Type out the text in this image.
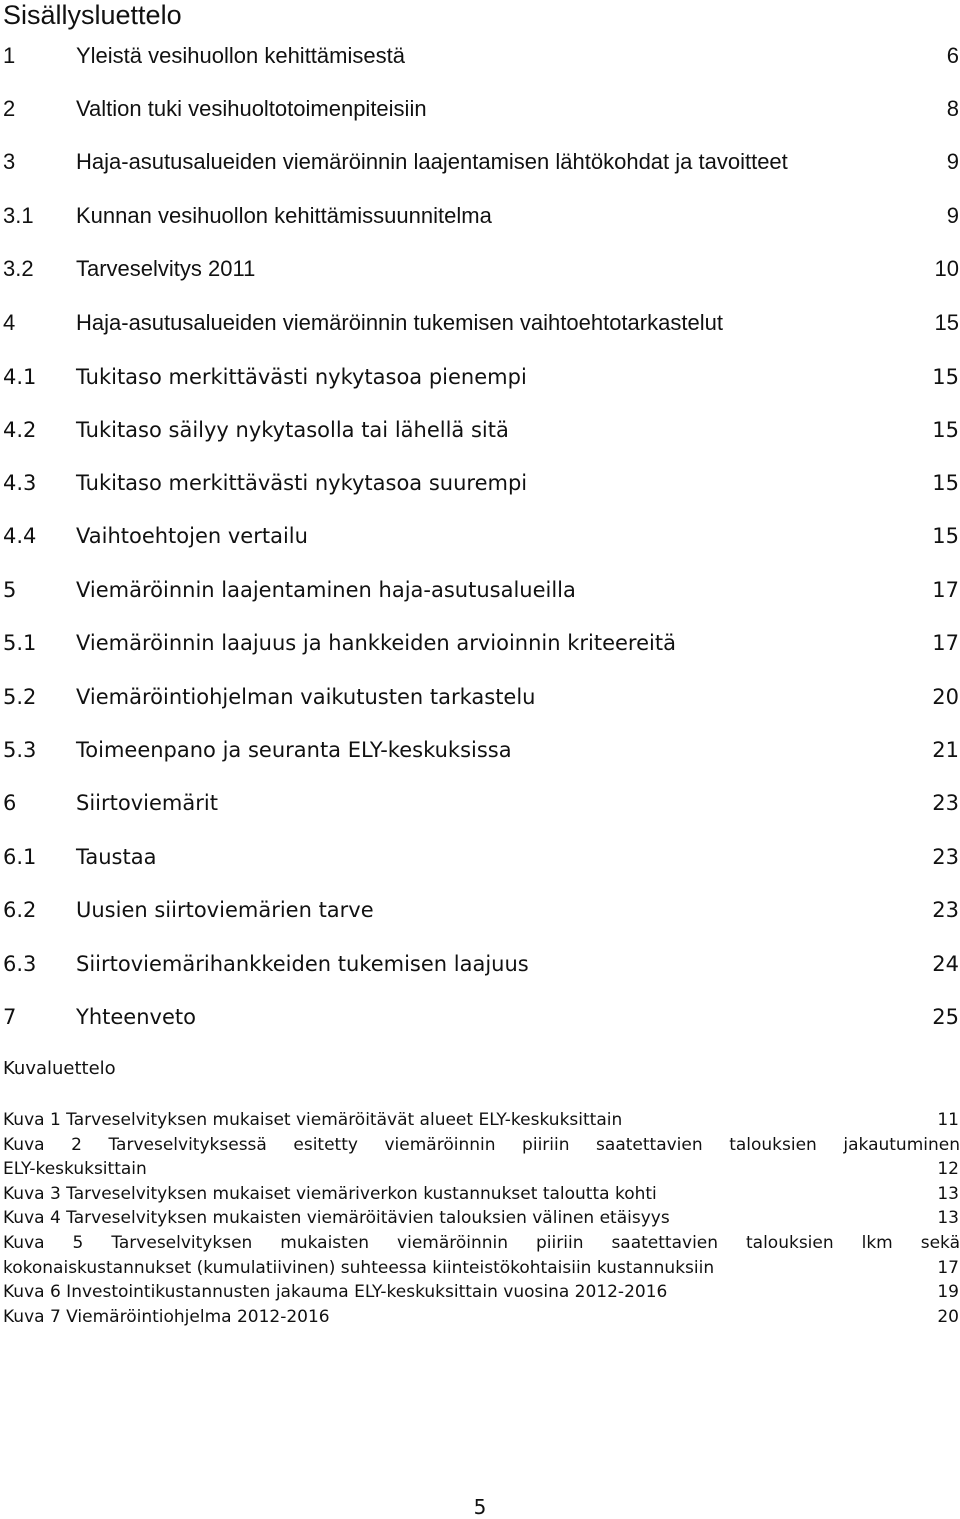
Sisällysluettelo
1	Yleistä vesihuollon kehittämisestä	6
2	Valtion tuki vesihuoltotoimenpiteisiin	8
3	Haja-asutusalueiden viemäröinnin laajentamisen lähtökohdat ja tavoitteet	9
3.1 Kunnan vesihuollon kehittämissuunnitelma	9
3.2 Tarveselvitys 2011	10
4	Haja-asutusalueiden viemäröinnin tukemisen vaihtoehtotarkastelut	15
4.1 Tukitaso merkittävästi nykytasoa pienempi	15
4.2 Tukitaso säilyy nykytasolla tai lähellä sitä	15
4.3 Tukitaso merkittävästi nykytasoa suurempi	15
4.4 Vaihtoehtojen vertailu	15
5	Viemäröinnin laajentaminen haja-asutusalueilla	17
5.1 Viemäröinnin laajuus ja hankkeiden arvioinnin kriteereitä	17
5.2 Viemäröintiohjelman vaikutusten tarkastelu	20
5.3 Toimeenpano ja seuranta ELY-keskuksissa	21
6	Siirtoviemärit	23
6.1 Taustaa	23
6.2 Uusien siirtoviemärien tarve	23
6.3 Siirtoviemärihankkeiden tukemisen laajuus	24
7	Yhteenveto	25
Kuvaluettelo
Kuva 1 Tarveselvityksen mukaiset viemäröitävät alueet ELY-keskuksittain	11
Kuva 2 Tarveselvityksessä esitetty viemäröinnin piiriin saatettavien talouksien jakautuminen
ELY-keskuksittain	12
Kuva 3 Tarveselvityksen mukaiset viemäriverkon kustannukset taloutta kohti	13
Kuva 4 Tarveselvityksen mukaisten viemäröitävien talouksien välinen etäisyys	13
Kuva 5 Tarveselvityksen mukaisten viemäröinnin piiriin saatettavien talouksien lkm sekä
kokonaiskustannukset (kumulatiivinen) suhteessa kiinteistökohtaisiin kustannuksiin	17
Kuva 6 Investointikustannusten jakauma ELY-keskuksittain vuosina 2012-2016	19
Kuva 7 Viemäröintiohjelma 2012-2016	20
5
